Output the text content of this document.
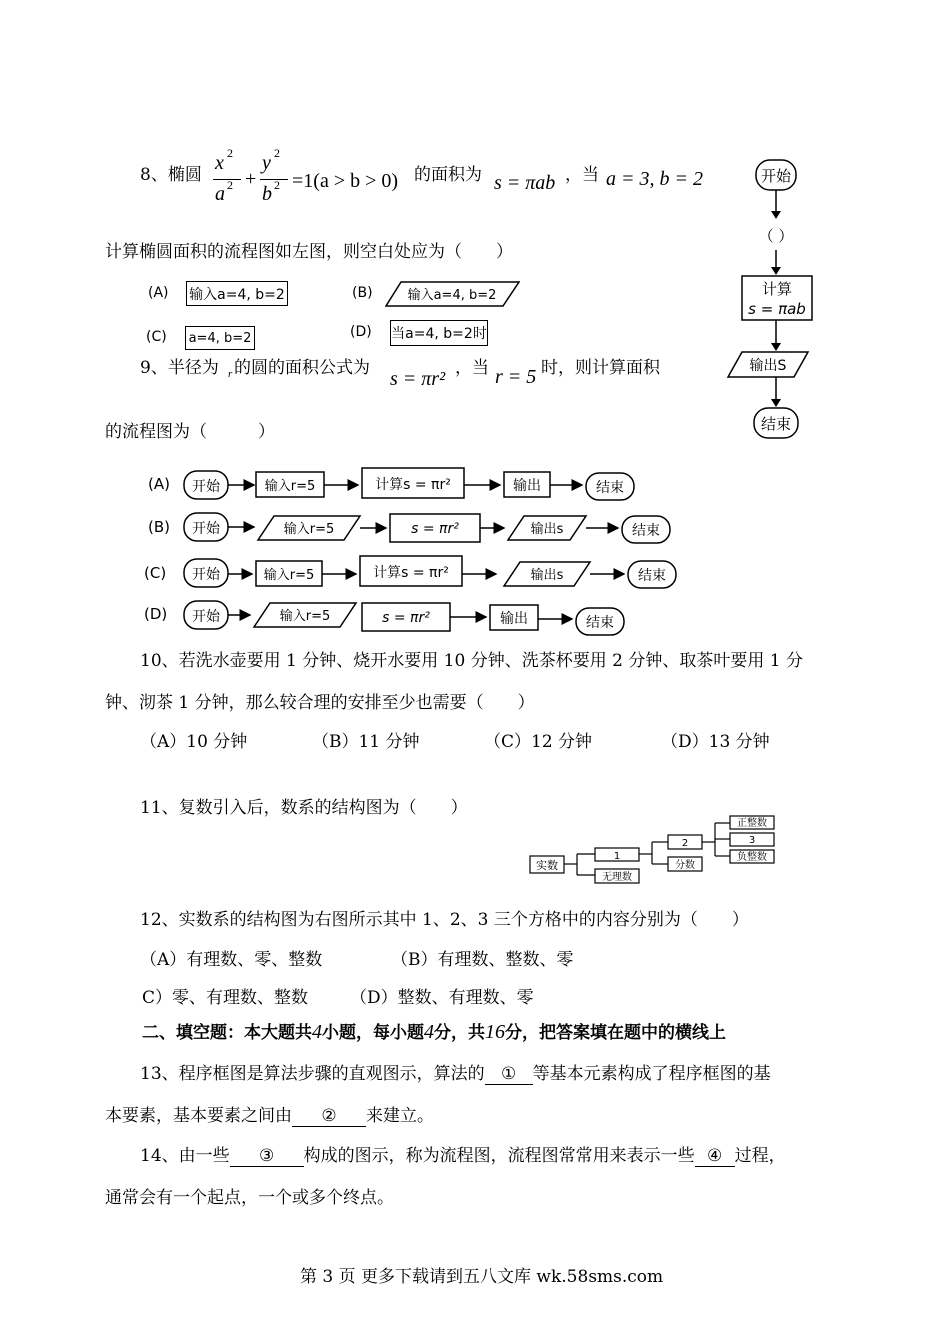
8、椭圆
x 2
a 2 +
y 2
b 2 =1(a > b > 0) 的面积为 s = πab ，当 a = 3, b = 2
计算椭圆面积的流程图如左图，则空白处应为（　　）
(A) 输入a=4, b=2	(B)	输入a=4, b=2
(C) a=4, b=2	(D) 当a=4, b=2时
开始
（ ）
计算
s = πab
输出S
结束
9、半径为 r 的圆的面积公式为 s = πr² ，当 r = 5 时，则计算面积
的流程图为（　　　）
(A) 开始	输入r=5	计算s = πr²	输出	结束
(B) 开始	输入r=5	s = πr²	输出s	结束
(C) 开始	输入r=5	计算s = πr²	输出s	结束
(D) 开始	输入r=5	s = πr²	输出	结束
10、若洗水壶要用 1 分钟、烧开水要用 10 分钟、洗茶杯要用 2 分钟、取茶叶要用 1 分
钟、沏茶 1 分钟，那么较合理的安排至少也需要（　　）
（A）10 分钟	（B）11 分钟	（C）12 分钟	（D）13 分钟
11、复数引入后，数系的结构图为（　　）
实数
1
无理数
2
分数
正整数
3
负整数
12、实数系的结构图为右图所示其中 1、2、3 三个方格中的内容分别为（　　）
（A）有理数、零、整数	（B）有理数、整数、零
C）零、有理数、整数 （D）整数、有理数、零
二、填空题：本大题共4小题，每小题4分，共16分，把答案填在题中的横线上
13、程序框图是算法步骤的直观图示，算法的 ① 等基本元素构成了程序框图的基
本要素，基本要素之间由 ② 来建立。
14、由一些 ③ 构成的图示，称为流程图，流程图常常用来表示一些 ④ 过程，
通常会有一个起点，一个或多个终点。
第 3 页 更多下载请到五八文库 wk.58sms.com
